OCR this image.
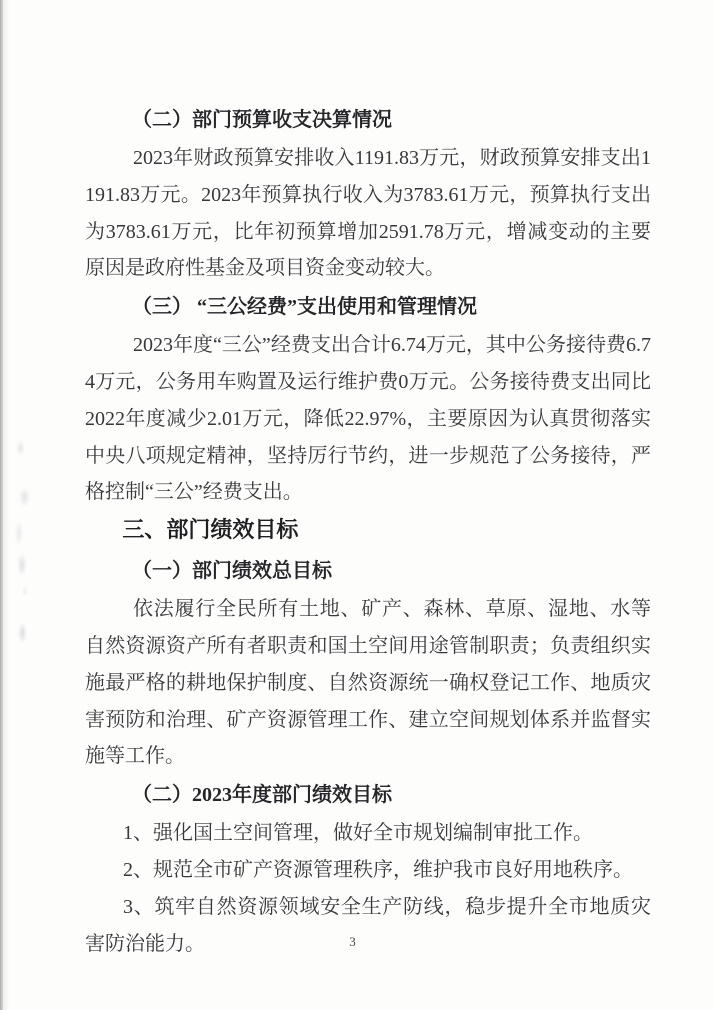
（二）部门预算收支决算情况
2023年财政预算安排收入1191.83万元，财政预算安排支出1191.83万元。2023年预算执行收入为3783.61万元，预算执行支出为3783.61万元，比年初预算增加2591.78万元，增减变动的主要原因是政府性基金及项目资金变动较大。
（三） “三公经费”支出使用和管理情况
2023年度“三公”经费支出合计6.74万元，其中公务接待费6.74万元，公务用车购置及运行维护费0万元。公务接待费支出同比2022年度减少2.01万元，降低22.97%，主要原因为认真贯彻落实中央八项规定精神，坚持厉行节约，进一步规范了公务接待，严格控制“三公”经费支出。
三、部门绩效目标
（一）部门绩效总目标
依法履行全民所有土地、矿产、森林、草原、湿地、水等自然资源资产所有者职责和国土空间用途管制职责；负责组织实施最严格的耕地保护制度、自然资源统一确权登记工作、地质灾害预防和治理、矿产资源管理工作、建立空间规划体系并监督实施等工作。
（二）2023年度部门绩效目标
1、强化国土空间管理，做好全市规划编制审批工作。
2、规范全市矿产资源管理秩序，维护我市良好用地秩序。
3、筑牢自然资源领域安全生产防线，稳步提升全市地质灾害防治能力。	3
